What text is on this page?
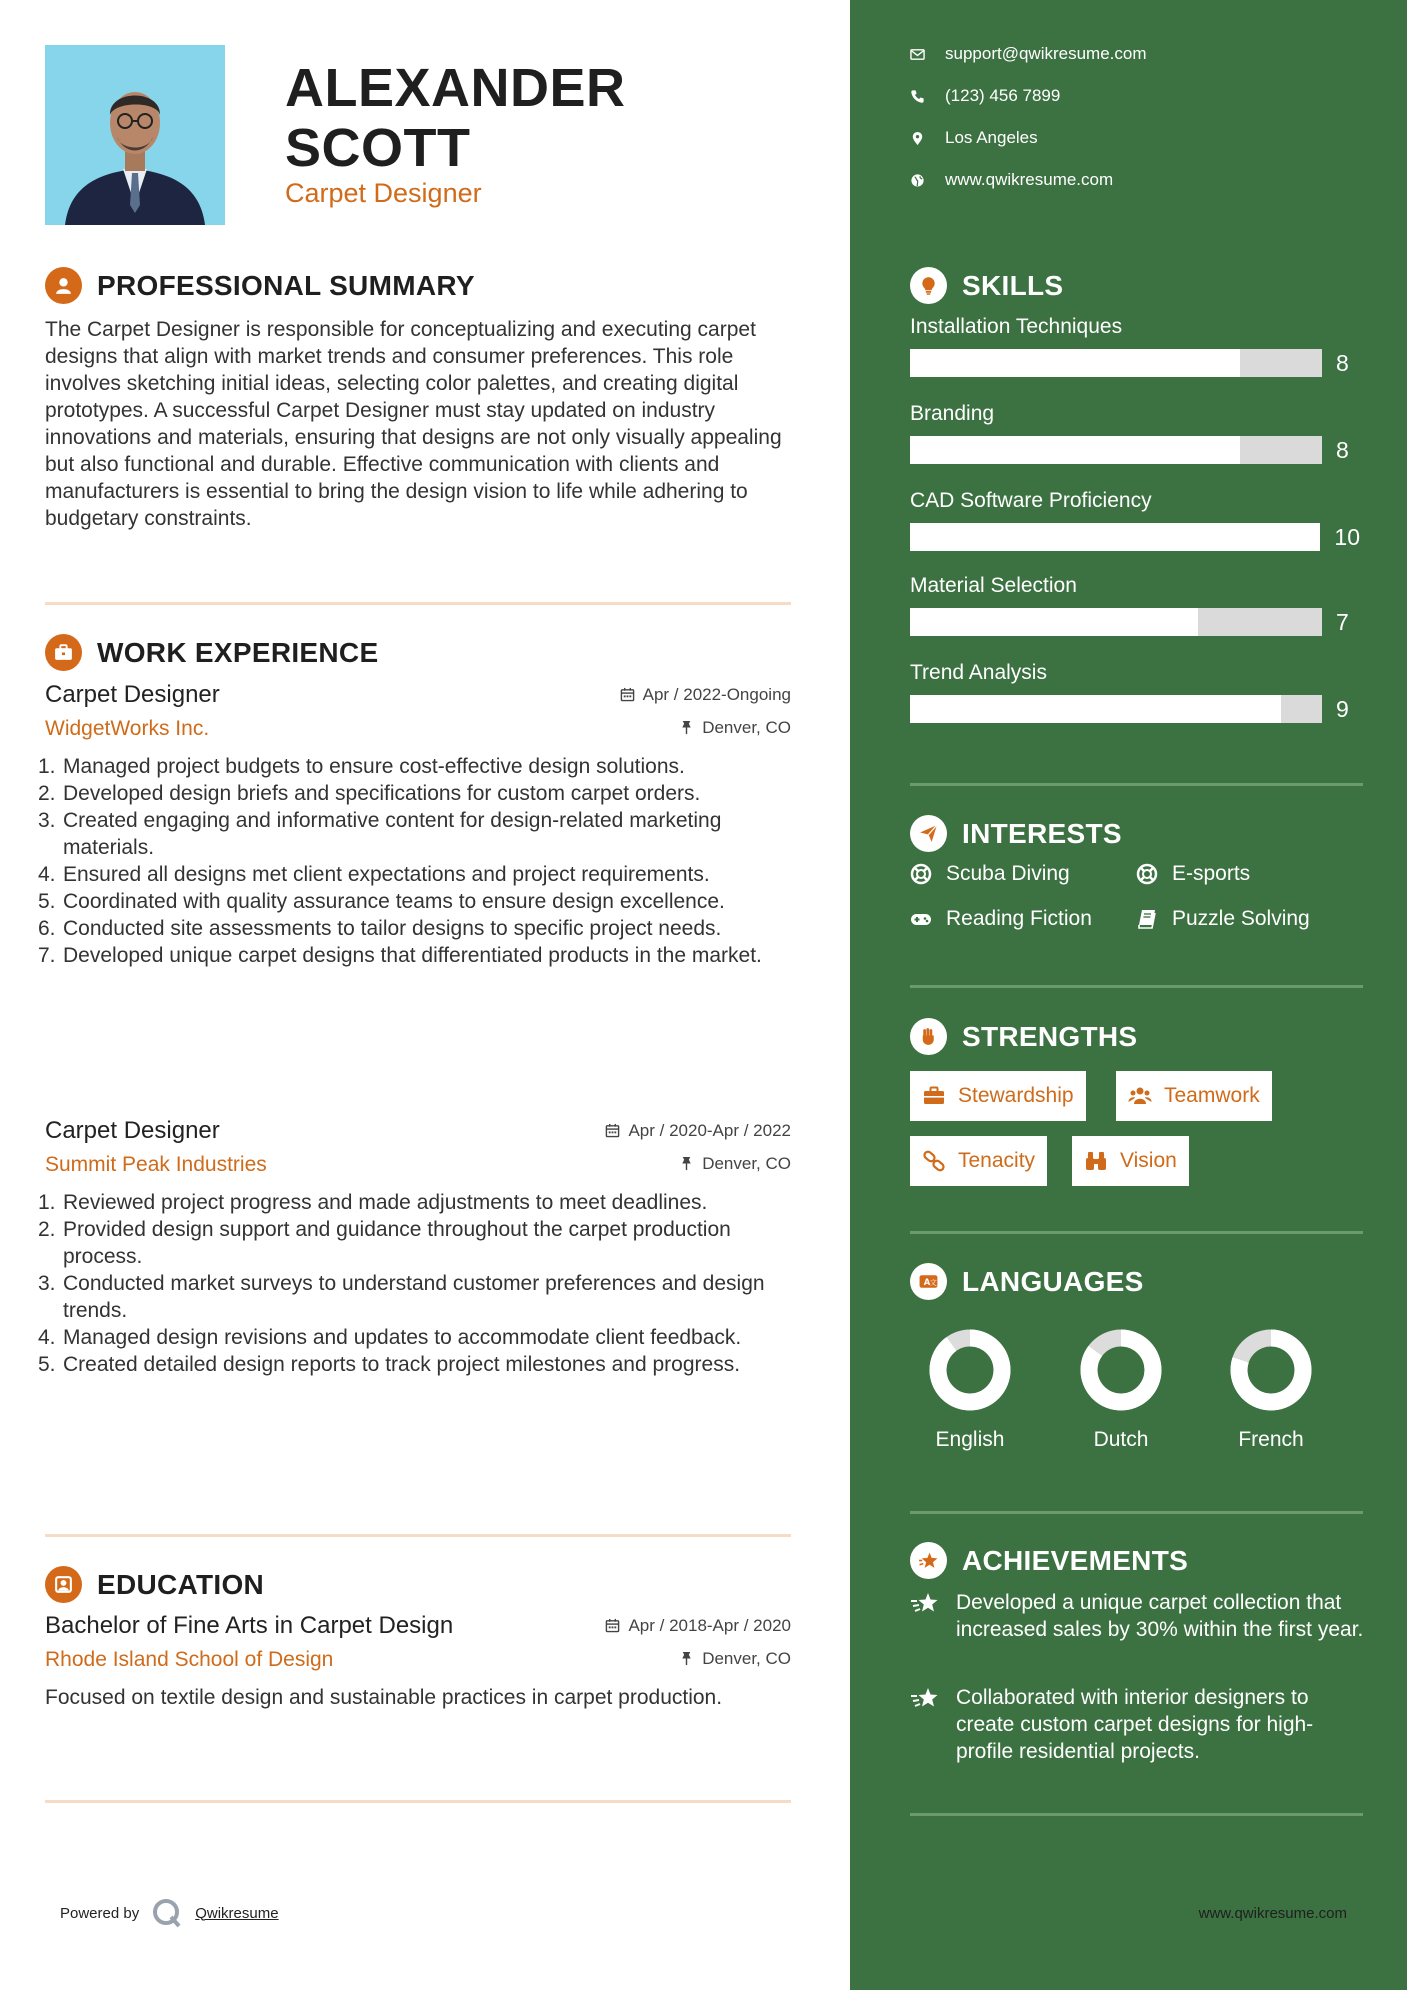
ALEXANDER
SCOTT
Carpet Designer
PROFESSIONAL SUMMARY
The Carpet Designer is responsible for conceptualizing and executing carpet designs that align with market trends and consumer preferences. This role involves sketching initial ideas, selecting color palettes, and creating digital prototypes. A successful Carpet Designer must stay updated on industry innovations and materials, ensuring that designs are not only visually appealing but also functional and durable. Effective communication with clients and manufacturers is essential to bring the design vision to life while adhering to budgetary constraints.
WORK EXPERIENCE
Carpet Designer	Apr / 2022-Ongoing
WidgetWorks Inc.	Denver, CO
1. Managed project budgets to ensure cost-effective design solutions.
2. Developed design briefs and specifications for custom carpet orders.
3. Created engaging and informative content for design-related marketing materials.
4. Ensured all designs met client expectations and project requirements.
5. Coordinated with quality assurance teams to ensure design excellence.
6. Conducted site assessments to tailor designs to specific project needs.
7. Developed unique carpet designs that differentiated products in the market.
Carpet Designer	Apr / 2020-Apr / 2022
Summit Peak Industries	Denver, CO
1. Reviewed project progress and made adjustments to meet deadlines.
2. Provided design support and guidance throughout the carpet production process.
3. Conducted market surveys to understand customer preferences and design trends.
4. Managed design revisions and updates to accommodate client feedback.
5. Created detailed design reports to track project milestones and progress.
EDUCATION
Bachelor of Fine Arts in Carpet Design	Apr / 2018-Apr / 2020
Rhode Island School of Design	Denver, CO
Focused on textile design and sustainable practices in carpet production.
Powered by	Qwikresume
support@qwikresume.com
(123) 456 7899
Los Angeles
www.qwikresume.com
SKILLS
Installation Techniques
8
Branding
8
CAD Software Proficiency
10
Material Selection
7
Trend Analysis
9
INTERESTS
Scuba Diving	E-sports
Reading Fiction	Puzzle Solving
STRENGTHS
Stewardship	Teamwork
Tenacity	Vision
A 文 LANGUAGES
English	Dutch	French
ACHIEVEMENTS
Developed a unique carpet collection that increased sales by 30% within the first year.
Collaborated with interior designers to create custom carpet designs for high-profile residential projects.
www.qwikresume.com
